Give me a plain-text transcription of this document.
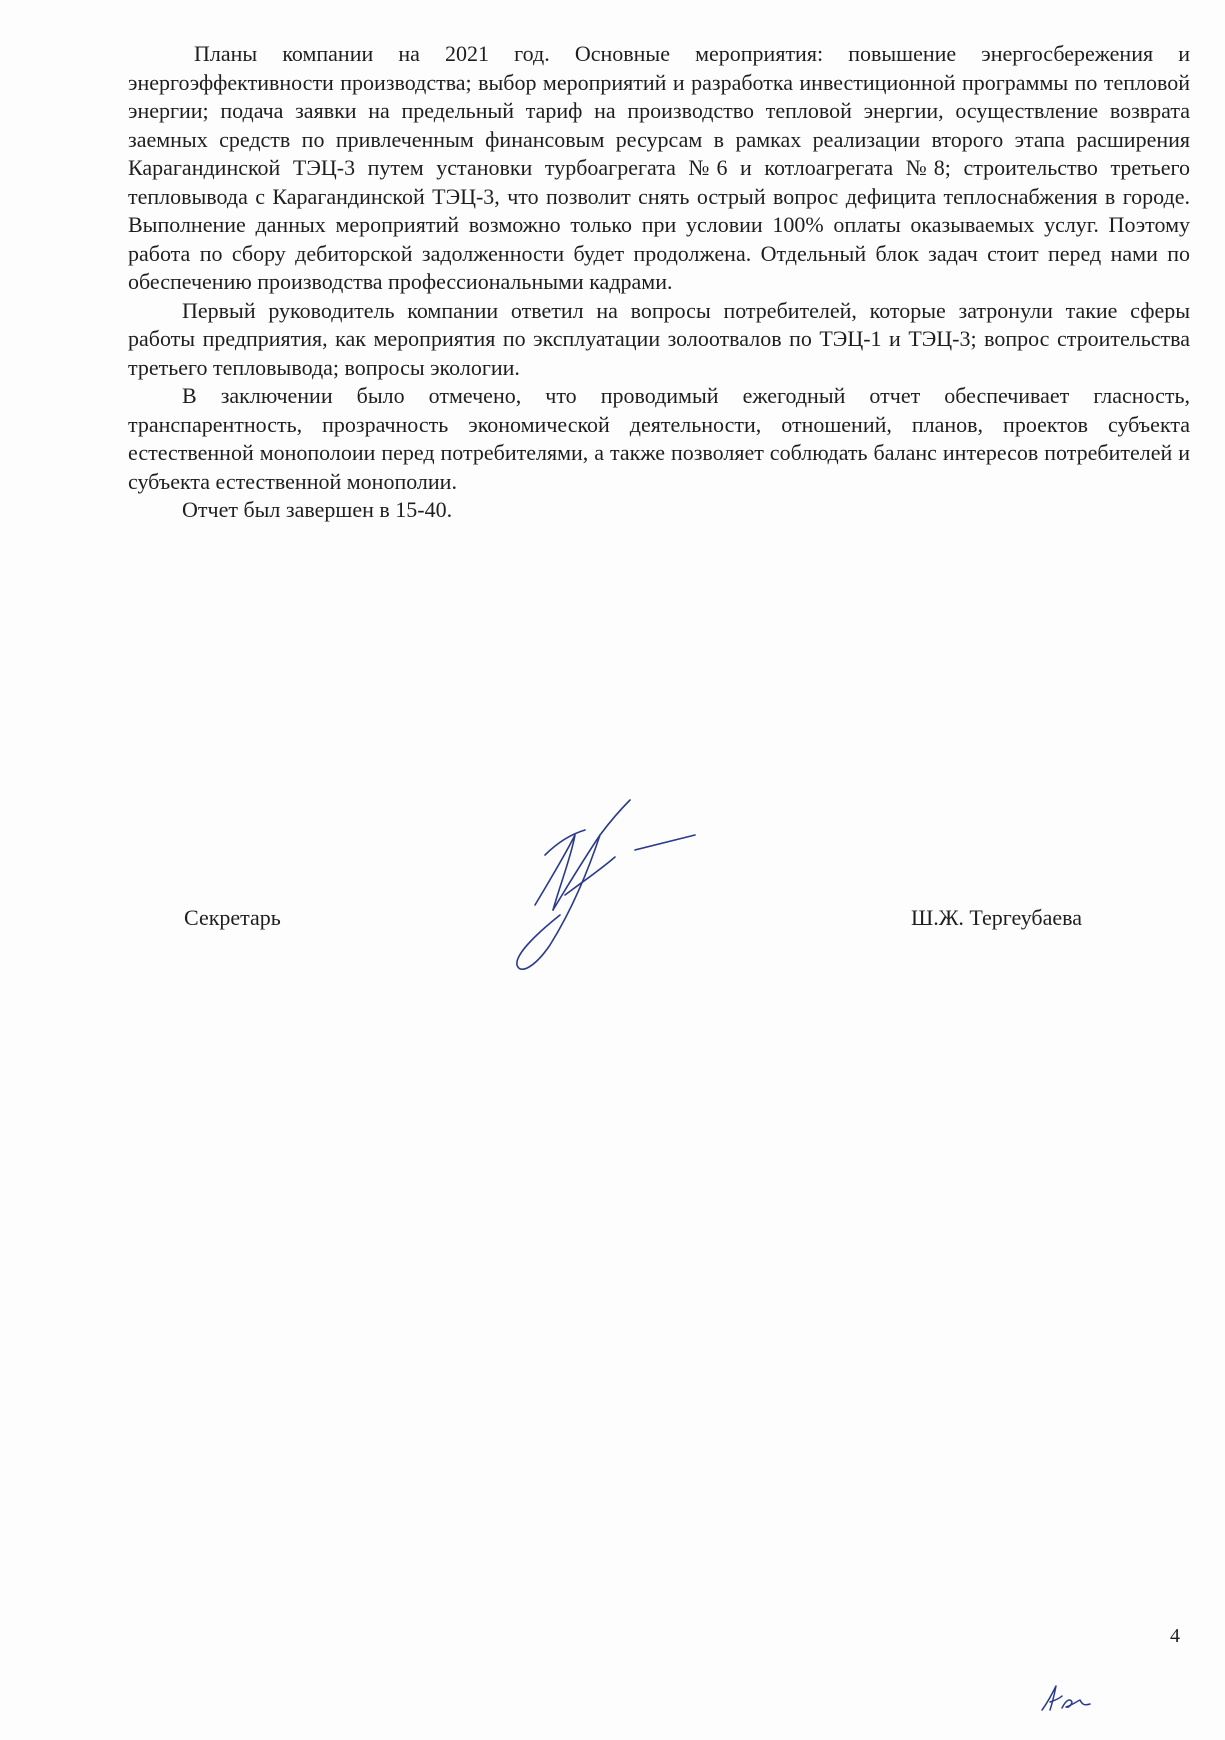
Планы компании на 2021 год. Основные мероприятия: повышение энергосбережения и энергоэффективности производства; выбор мероприятий и разработка инвестиционной программы по тепловой энергии; подача заявки на предельный тариф на производство тепловой энергии, осуществление возврата заемных средств по привлеченным финансовым ресурсам в рамках реализации второго этапа расширения Карагандинской ТЭЦ-3 путем установки турбоагрегата №6 и котлоагрегата №8; строительство третьего тепловывода с Карагандинской ТЭЦ-3, что позволит снять острый вопрос дефицита теплоснабжения в городе. Выполнение данных мероприятий возможно только при условии 100% оплаты оказываемых услуг. Поэтому работа по сбору дебиторской задолженности будет продолжена. Отдельный блок задач стоит перед нами по обеспечению производства профессиональными кадрами.

Первый руководитель компании ответил на вопросы потребителей, которые затронули такие сферы работы предприятия, как мероприятия по эксплуатации золоотвалов по ТЭЦ-1 и ТЭЦ-3; вопрос строительства третьего тепловывода; вопросы экологии.

В заключении было отмечено, что проводимый ежегодный отчет обеспечивает гласность, транспарентность, прозрачность экономической деятельности, отношений, планов, проектов субъекта естественной монополоии перед потребителями, а также позволяет соблюдать баланс интересов потребителей и субъекта естественной монополии.

Отчет был завершен в 15-40.

Секретарь	Ш.Ж. Тергеубаева
4
